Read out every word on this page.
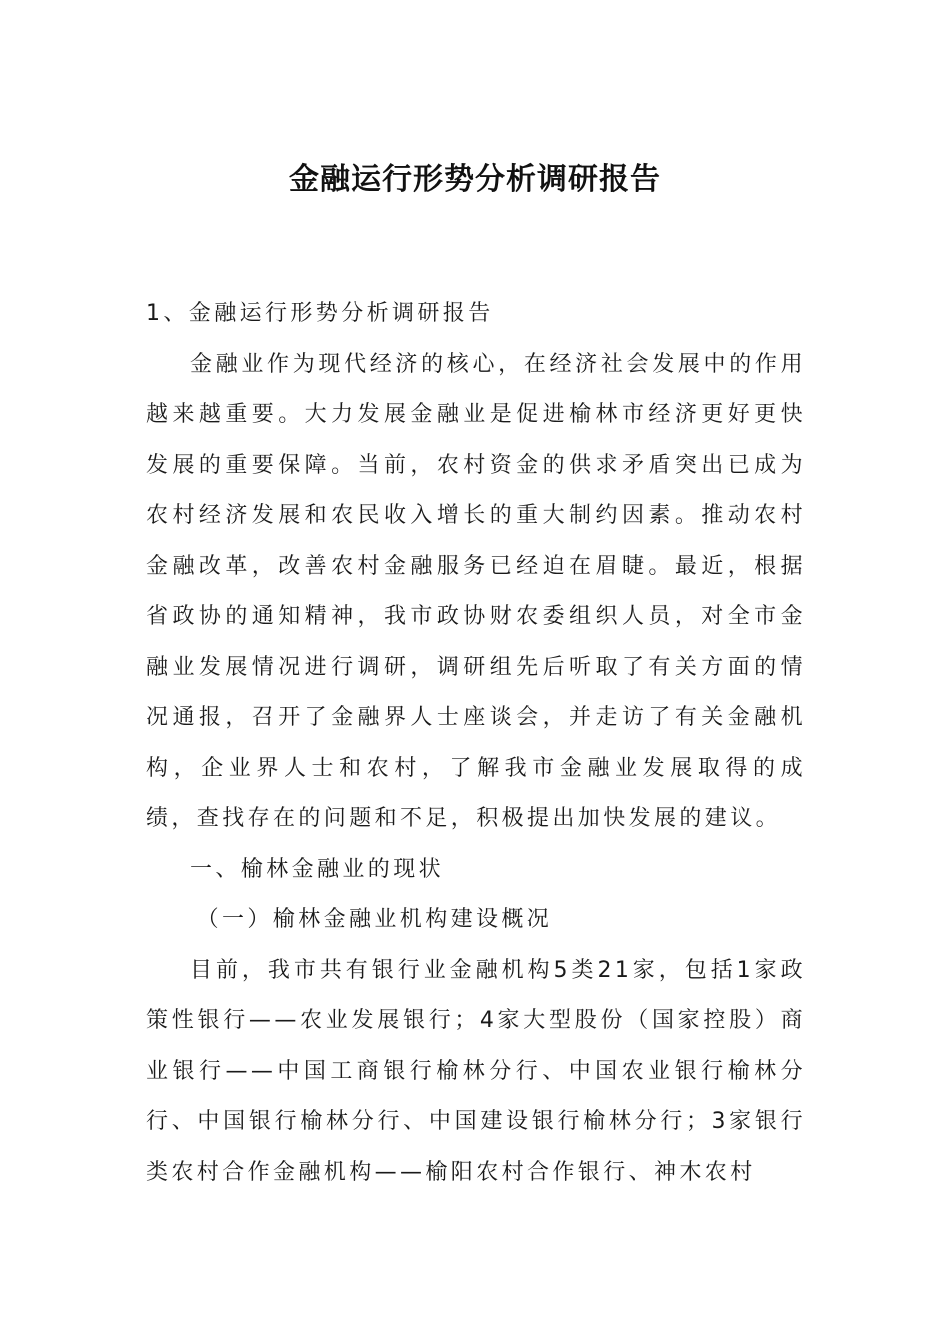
金融运行形势分析调研报告

1、金融运行形势分析调研报告

金融业作为现代经济的核心，在经济社会发展中的作用越来越重要。大力发展金融业是促进榆林市经济更好更快发展的重要保障。当前，农村资金的供求矛盾突出已成为农村经济发展和农民收入增长的重大制约因素。推动农村金融改革，改善农村金融服务已经迫在眉睫。最近，根据省政协的通知精神，我市政协财农委组织人员，对全市金融业发展情况进行调研，调研组先后听取了有关方面的情况通报，召开了金融界人士座谈会，并走访了有关金融机构，企业界人士和农村，了解我市金融业发展取得的成绩，查找存在的问题和不足，积极提出加快发展的建议。

一、榆林金融业的现状

（一）榆林金融业机构建设概况

目前，我市共有银行业金融机构5类21家，包括1家政策性银行——农业发展银行；4家大型股份（国家控股）商业银行——中国工商银行榆林分行、中国农业银行榆林分行、中国银行榆林分行、中国建设银行榆林分行；3家银行类农村合作金融机构——榆阳农村合作银行、神木农村
